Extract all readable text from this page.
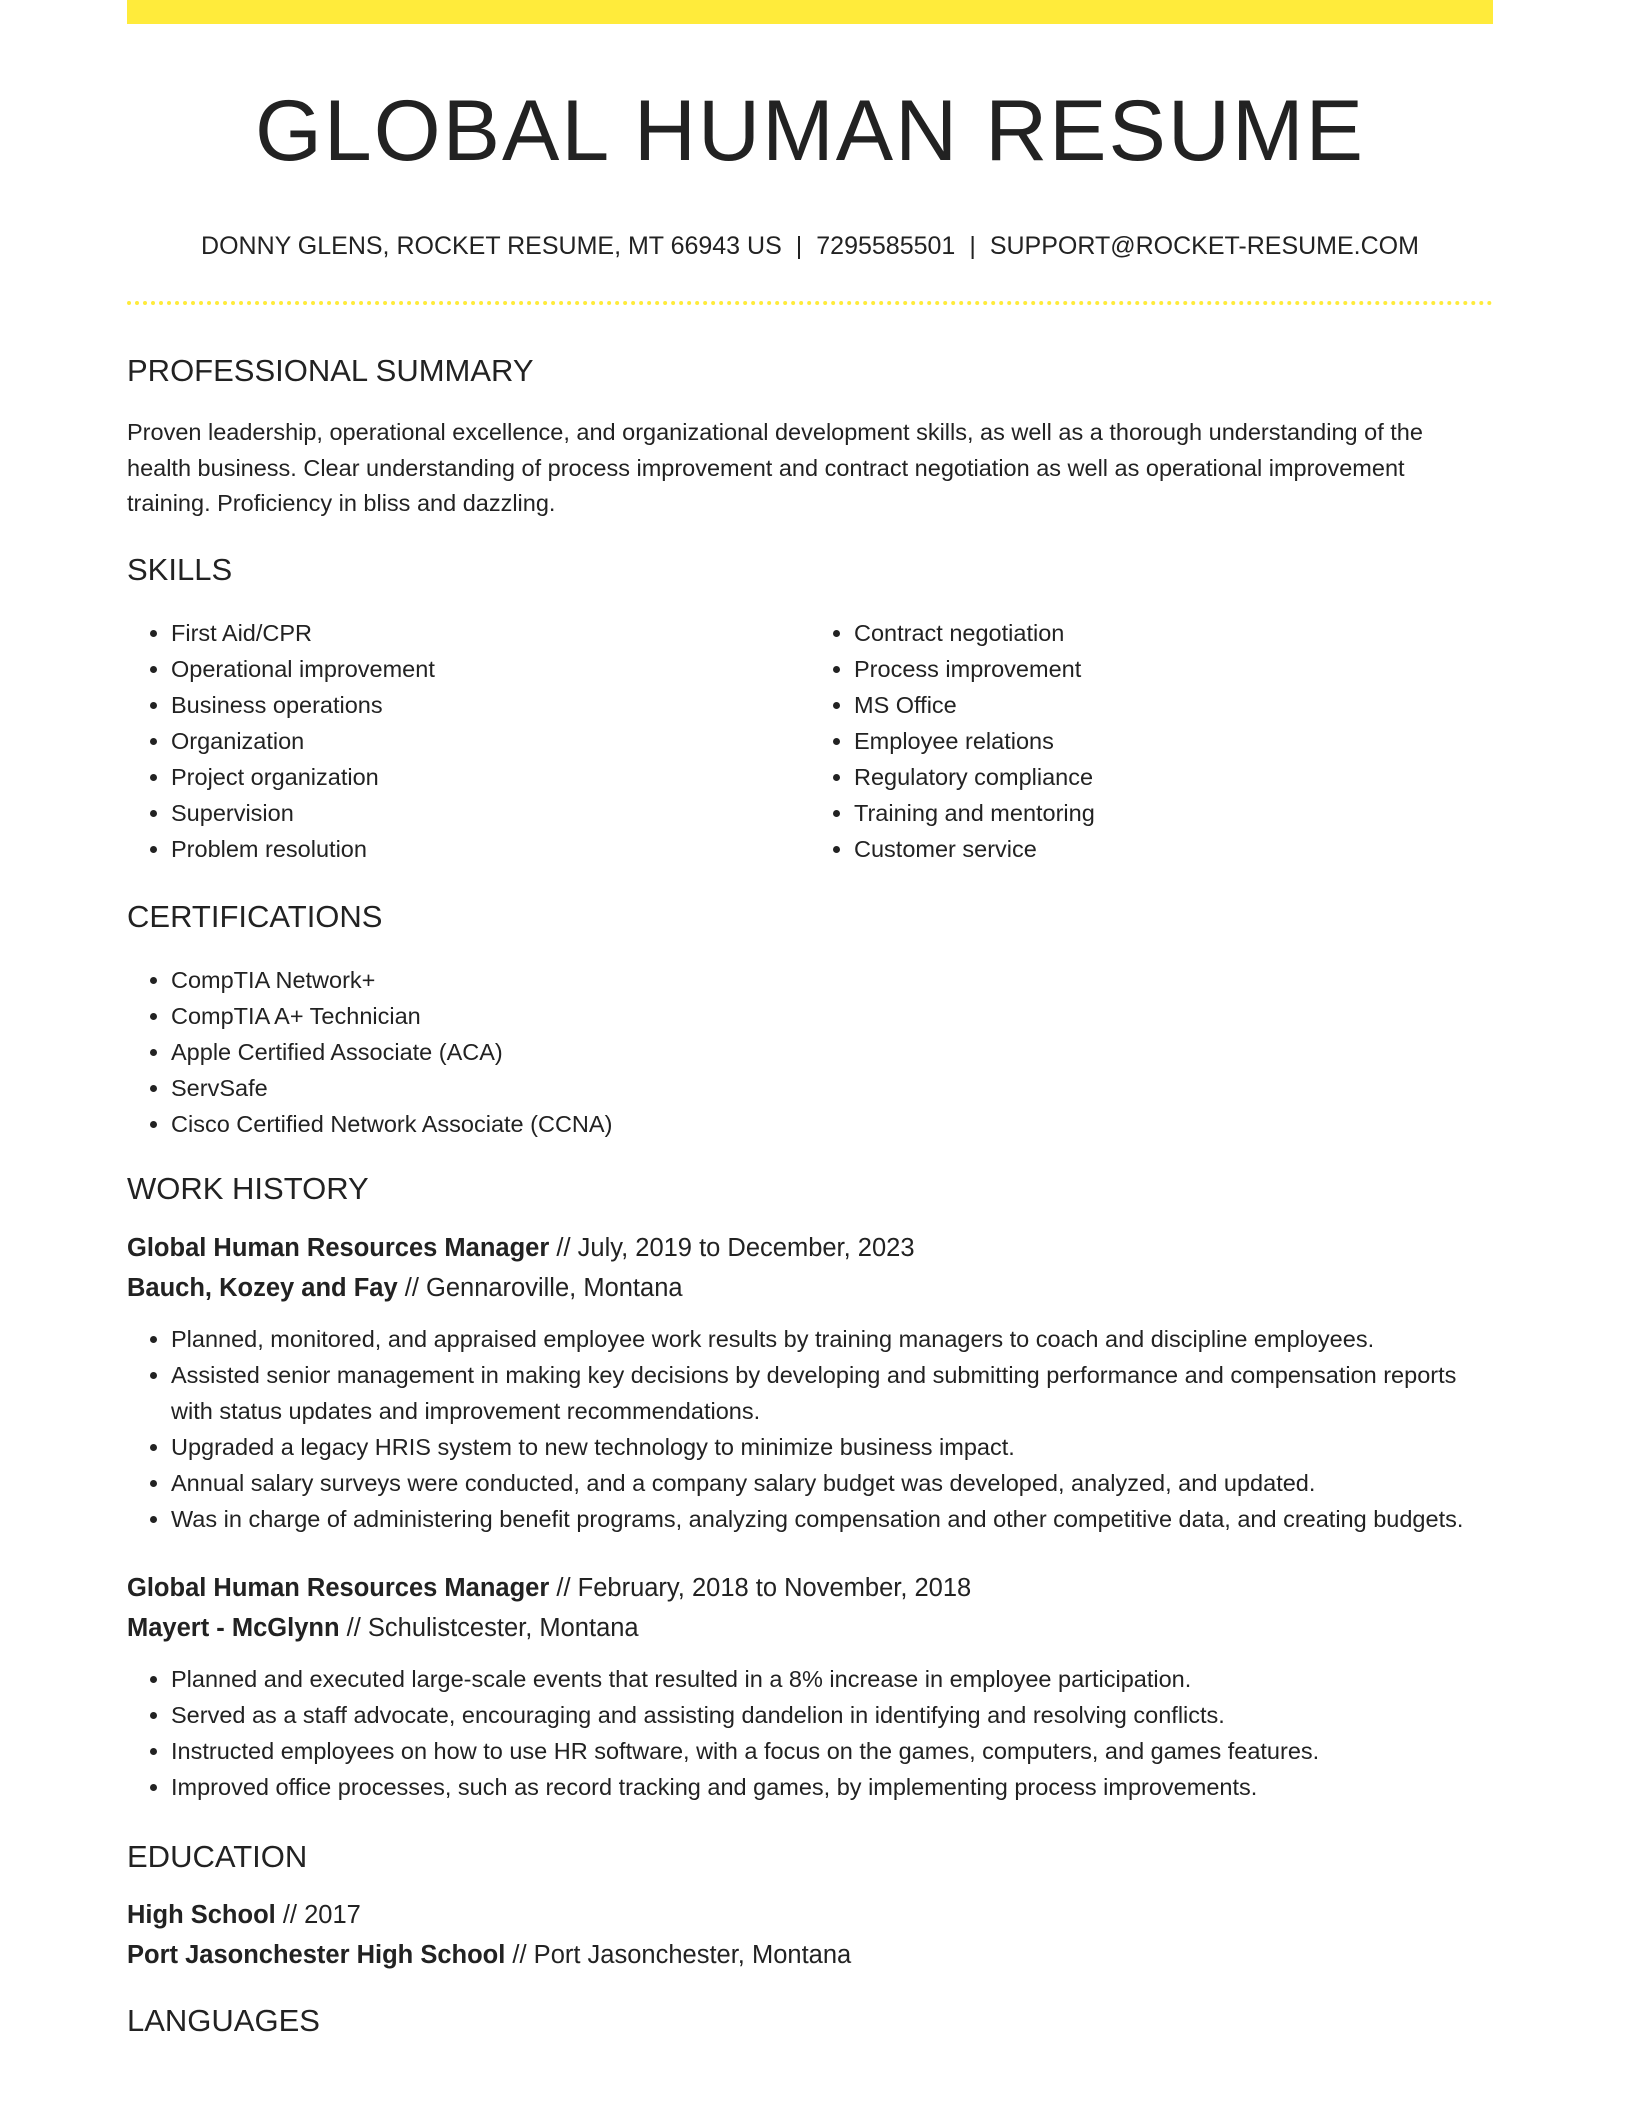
GLOBAL HUMAN RESUME
DONNY GLENS, ROCKET RESUME, MT 66943 US | 7295585501 | SUPPORT@ROCKET-RESUME.COM
PROFESSIONAL SUMMARY

Proven leadership, operational excellence, and organizational development skills, as well as a thorough understanding of the health business. Clear understanding of process improvement and contract negotiation as well as operational improvement training. Proficiency in bliss and dazzling.

SKILLS
• First Aid/CPR
• Operational improvement
• Business operations
• Organization
• Project organization
• Supervision
• Problem resolution
• Contract negotiation
• Process improvement
• MS Office
• Employee relations
• Regulatory compliance
• Training and mentoring
• Customer service
CERTIFICATIONS
• CompTIA Network+
• CompTIA A+ Technician
• Apple Certified Associate (ACA)
• ServSafe
• Cisco Certified Network Associate (CCNA)
WORK HISTORY
Global Human Resources Manager // July, 2019 to December, 2023
Bauch, Kozey and Fay // Gennaroville, Montana
• Planned, monitored, and appraised employee work results by training managers to coach and discipline employees.
• Assisted senior management in making key decisions by developing and submitting performance and compensation reports with status updates and improvement recommendations.
• Upgraded a legacy HRIS system to new technology to minimize business impact.
• Annual salary surveys were conducted, and a company salary budget was developed, analyzed, and updated.
• Was in charge of administering benefit programs, analyzing compensation and other competitive data, and creating budgets.
Global Human Resources Manager // February, 2018 to November, 2018
Mayert - McGlynn // Schulistcester, Montana
• Planned and executed large-scale events that resulted in a 8% increase in employee participation.
• Served as a staff advocate, encouraging and assisting dandelion in identifying and resolving conflicts.
• Instructed employees on how to use HR software, with a focus on the games, computers, and games features.
• Improved office processes, such as record tracking and games, by implementing process improvements.
EDUCATION
High School // 2017
Port Jasonchester High School // Port Jasonchester, Montana
LANGUAGES
